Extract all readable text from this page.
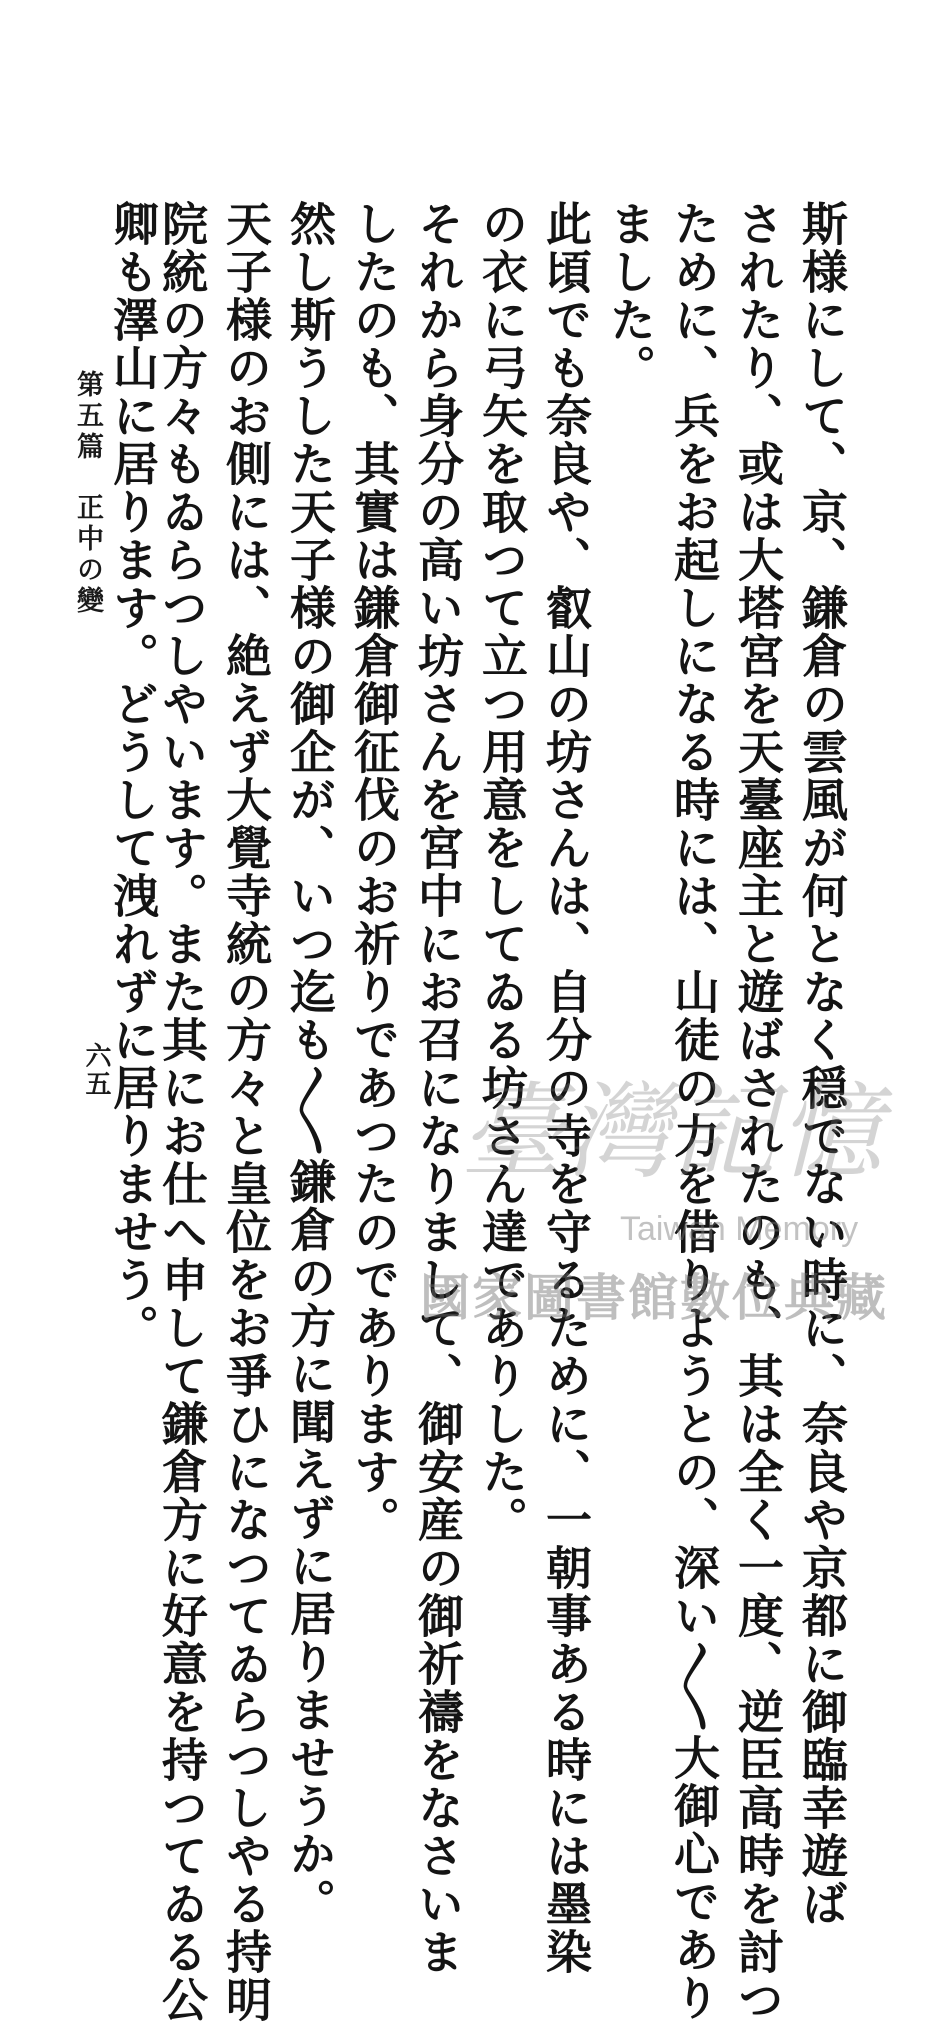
斯様にして、京、鎌倉の雲風が何となく穏でない時に、奈良や京都に御臨幸遊ば
されたり、或は大塔宮を天臺座主と遊ばされたのも、其は全く一度、逆臣高時を討つ
ために、兵をお起しになる時には、山徒の力を借りようとの、深い〳〵大御心であり
ました。
此頃でも奈良や、叡山の坊さんは、自分の寺を守るために、一朝事ある時には墨染
の衣に弓矢を取つて立つ用意をしてゐる坊さん達でありした。
それから身分の高い坊さんを宮中にお召になりまして、御安産の御祈禱をなさいま
したのも、其實は鎌倉御征伐のお祈りであつたのであります。
然し斯うした天子様の御企が、いつ迄も〳〵鎌倉の方に聞えずに居りませうか。
天子様のお側には、絶えず大覺寺統の方々と皇位をお爭ひになつてゐらつしやる持明
院統の方々もゐらつしやいます。また其にお仕へ申して鎌倉方に好意を持つてゐる公
卿も澤山に居ります。どうして洩れずに居りませう。
第五篇正中の變
六五
臺灣記憶
Taiwan Memory
國家圖書館數位典藏
